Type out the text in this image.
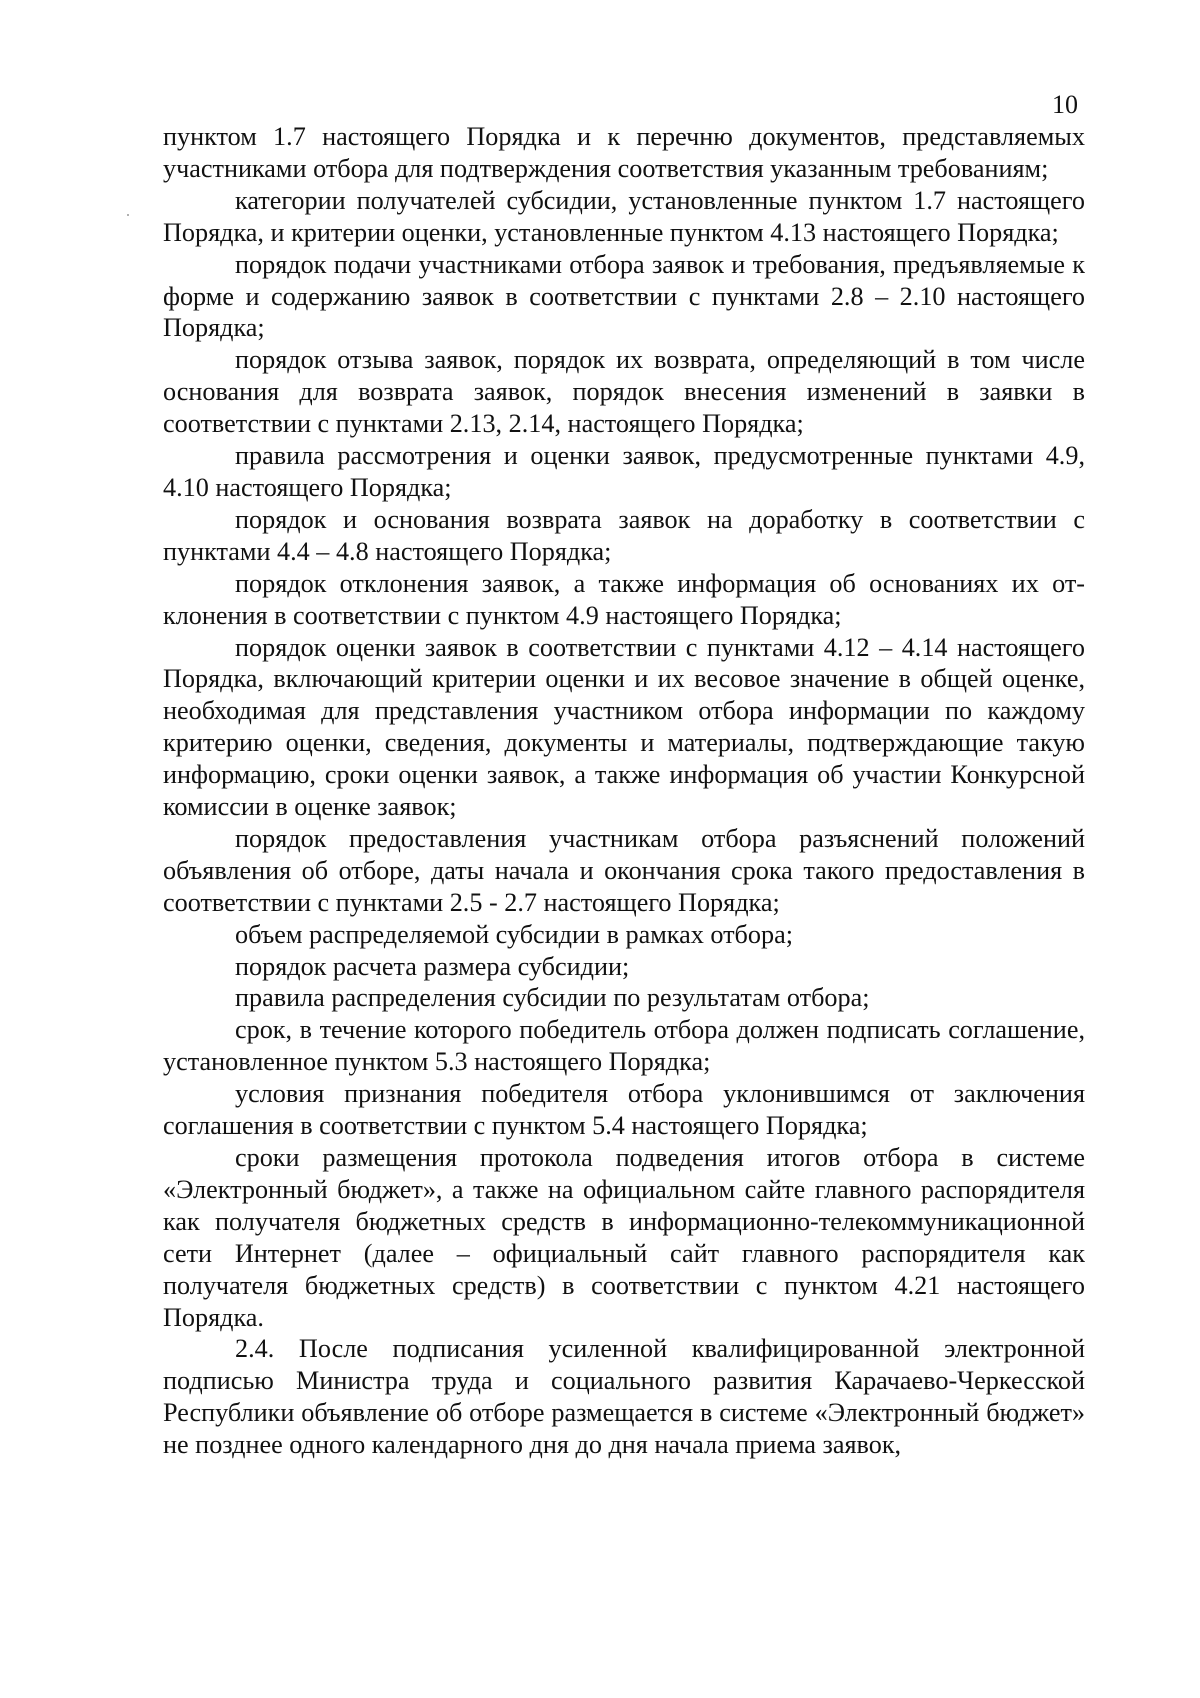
10

пунктом 1.7 настоящего Порядка и к перечню документов, представляемых участниками отбора для подтверждения соответствия указанным требованиям;

категории получателей субсидии, установленные пунктом 1.7 настоящего Порядка, и критерии оценки, установленные пунктом 4.13 настоящего Порядка;

порядок подачи участниками отбора заявок и требования, предъявляемые к форме и содержанию заявок в соответствии с пунктами 2.8 – 2.10 настоящего Порядка;

порядок отзыва заявок, порядок их возврата, определяющий в том числе основания для возврата заявок, порядок внесения изменений в заявки в соответствии с пунктами 2.13, 2.14, настоящего Порядка;

правила рассмотрения и оценки заявок, предусмотренные пунктами 4.9, 4.10 настоящего Порядка;

порядок и основания возврата заявок на доработку в соответствии с пунктами 4.4 – 4.8 настоящего Порядка;

порядок отклонения заявок, а также информация об основаниях их отклонения в соответствии с пунктом 4.9 настоящего Порядка;

порядок оценки заявок в соответствии с пунктами 4.12 – 4.14 настоящего Порядка, включающий критерии оценки и их весовое значение в общей оценке, необходимая для представления участником отбора информации по каждому критерию оценки, сведения, документы и материалы, подтверждающие такую информацию, сроки оценки заявок, а также информация об участии Конкурсной комиссии в оценке заявок;

порядок предоставления участникам отбора разъяснений положений объявления об отборе, даты начала и окончания срока такого предоставления в соответствии с пунктами 2.5 - 2.7 настоящего Порядка;

объем распределяемой субсидии в рамках отбора;

порядок расчета размера субсидии;

правила распределения субсидии по результатам отбора;

срок, в течение которого победитель отбора должен подписать соглашение, установленное пунктом 5.3 настоящего Порядка;

условия признания победителя отбора уклонившимся от заключения соглашения в соответствии с пунктом 5.4 настоящего Порядка;

сроки размещения протокола подведения итогов отбора в системе «Электронный бюджет», а также на официальном сайте главного распорядителя как получателя бюджетных средств в информационно-телекоммуникационной сети Интернет (далее – официальный сайт главного распорядителя как получателя бюджетных средств) в соответствии с пунктом 4.21 настоящего Порядка.

2.4. После подписания усиленной квалифицированной электронной подписью Министра труда и социального развития Карачаево-Черкесской Республики объявление об отборе размещается в системе «Электронный бюджет» не позднее одного календарного дня до дня начала приема заявок,
